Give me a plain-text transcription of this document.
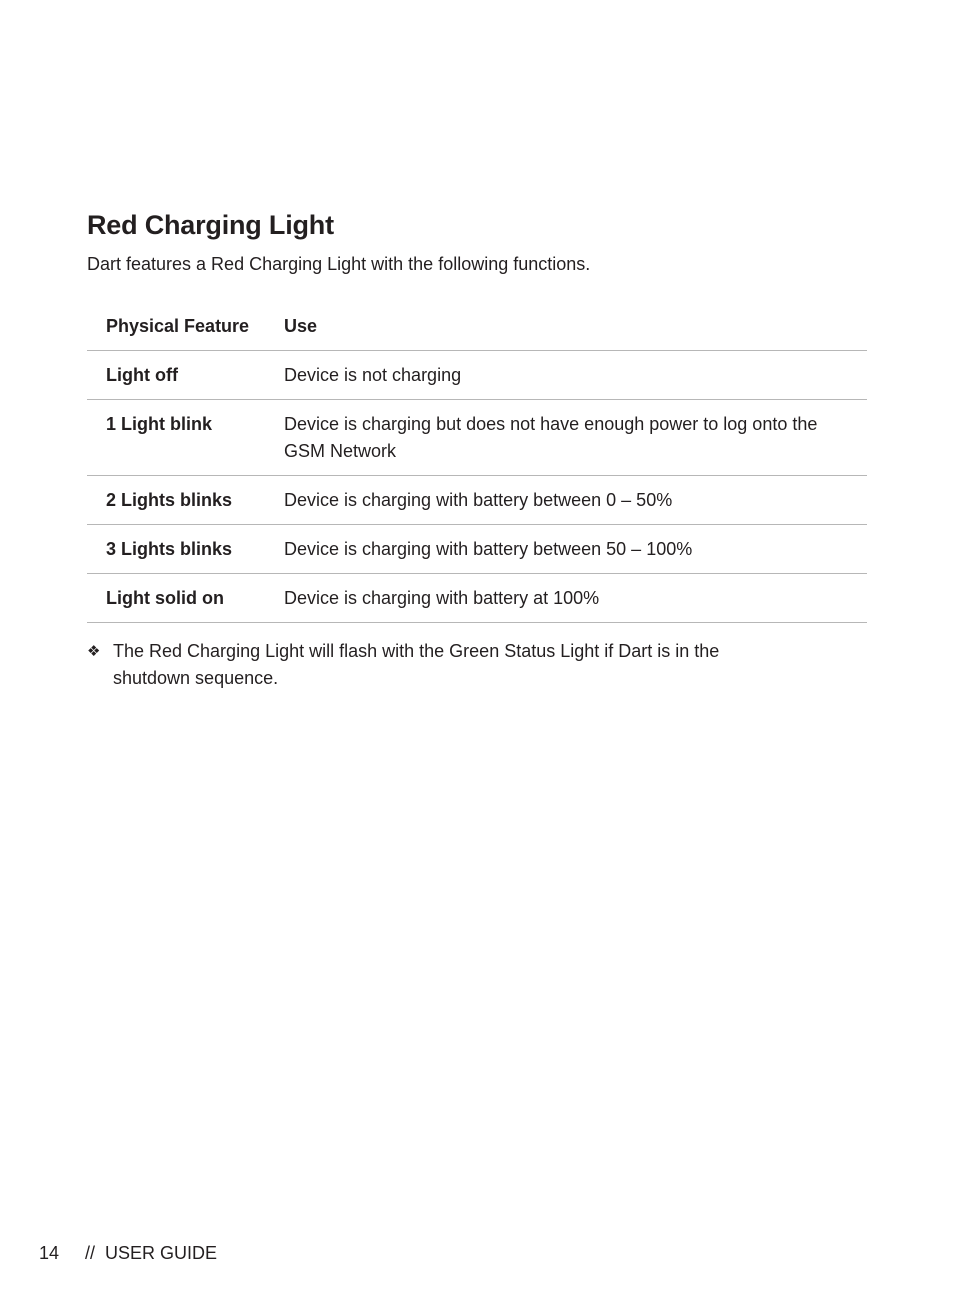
Red Charging Light

Dart features a Red Charging Light with the following functions.

Physical Feature	Use
Light off	Device is not charging
1 Light blink	Device is charging but does not have enough power to log onto the GSM Network
2 Lights blinks	Device is charging with battery between 0 – 50%
3 Lights blinks	Device is charging with battery between 50 – 100%
Light solid on	Device is charging with battery at 100%
❖ The Red Charging Light will flash with the Green Status Light if Dart is in the shutdown sequence.
14 //  USER GUIDE
